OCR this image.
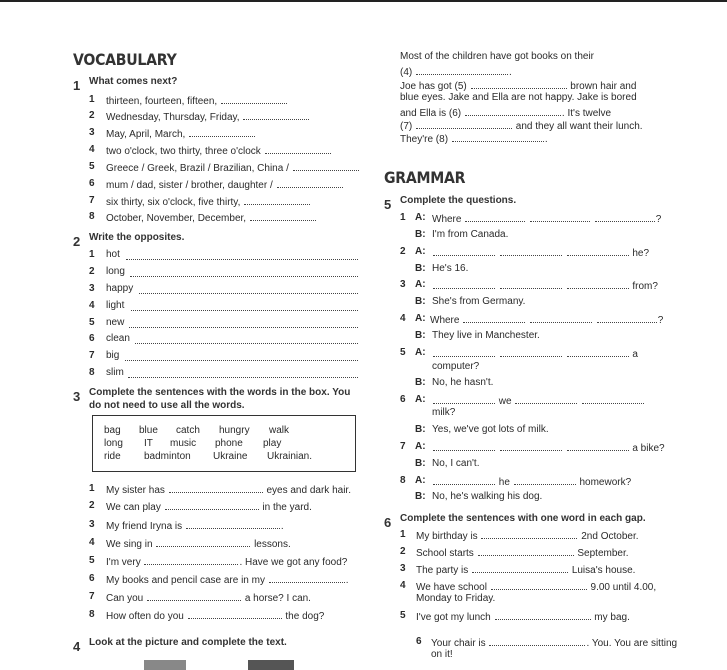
VOCABULARY
1 What comes next?
1 thirteen, fourteen, fifteen,
2 Wednesday, Thursday, Friday,
3 May, April, March,
4 two o'clock, two thirty, three o'clock
5 Greece / Greek, Brazil / Brazilian, China /
6 mum / dad, sister / brother, daughter /
7 six thirty, six o'clock, five thirty,
8 October, November, December,
2 Write the opposites.
1 hot
2 long
3 happy
4 light
5 new
6 clean
7 big
8 slim
3 Complete the sentences with the words in the box. You
do not need to use all the words.
bag blue catch hungry walk
long IT music phone play
ride badminton Ukraine Ukrainian.
1 My sister has	eyes and dark hair.
2 We can play	in the yard.
3 My friend Iryna is	.
4 We sing in	lessons.
5 I'm very	. Have we got any food?
6 My books and pencil case are in my	.
7 Can you	a horse? I can.
8 How often do you	the dog?
4 Look at the picture and complete the text.
Most of the children have got books on their
(4)	.
Joe has got (5)	brown hair and
blue eyes. Jake and Ella are not happy. Jake is bored
and Ella is (6)	. It's twelve
(7)	and they all want their lunch.
They're (8)	.
GRAMMAR
5 Complete the questions.
1 A: Where	?
B: I'm from Canada.
2 A:	he?
B: He's 16.
3 A:	from?
B: She's from Germany.
4 A: Where	?
B: They live in Manchester.
5 A:	a
computer?
B: No, he hasn't.
6 A:	we
milk?
B: Yes, we've got lots of milk.
7 A:	a bike?
B: No, I can't.
8 A:	he	homework?
B: No, he's walking his dog.
6 Complete the sentences with one word in each gap.
1 My birthday is	2nd October.
2 School starts	September.
3 The party is	Luisa's house.
4 We have school	9.00 until 4.00,
Monday to Friday.
5 I've got my lunch	my bag.
6 Your chair is	. You. You are sitting
on it!
